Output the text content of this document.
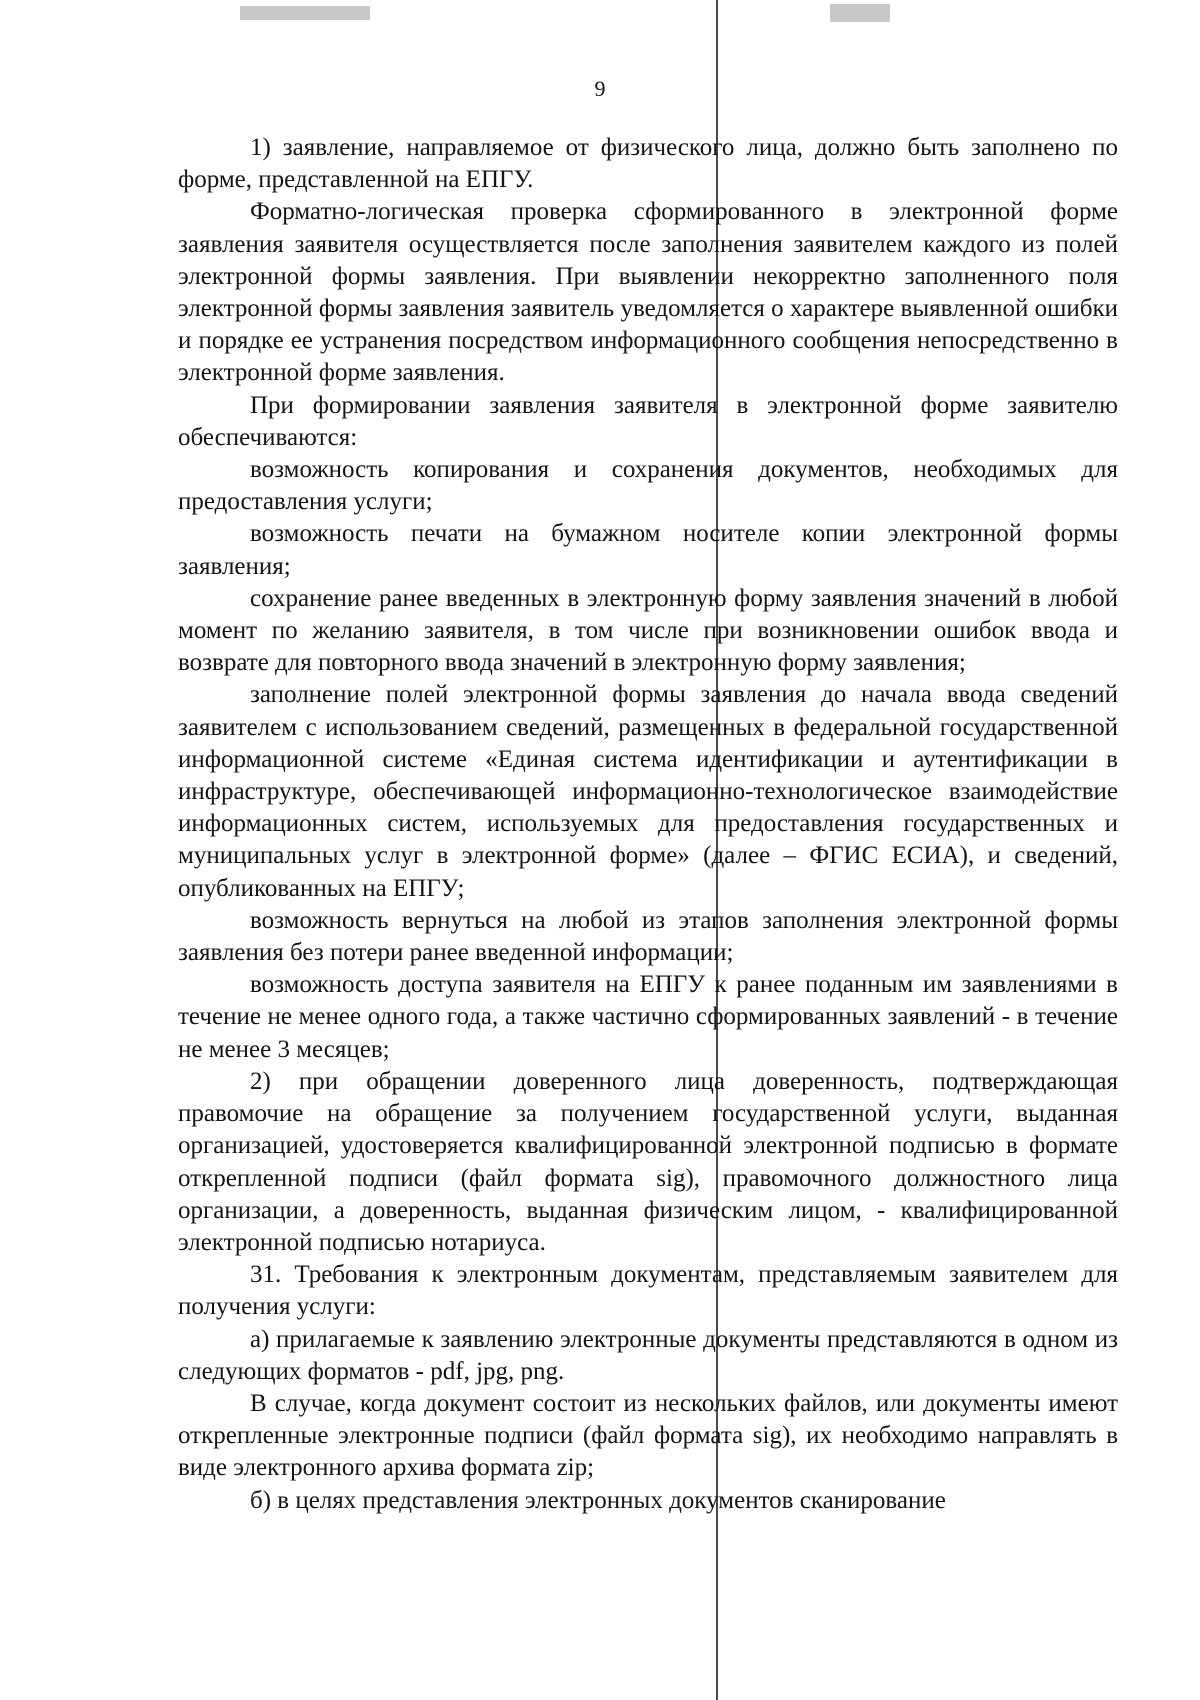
9

1) заявление, направляемое от физического лица, должно быть заполнено по форме, представленной на ЕПГУ.

Форматно-логическая проверка сформированного в электронной форме заявления заявителя осуществляется после заполнения заявителем каждого из полей электронной формы заявления. При выявлении некорректно заполненного поля электронной формы заявления заявитель уведомляется о характере выявленной ошибки и порядке ее устранения посредством информационного сообщения непосредственно в электронной форме заявления.

При формировании заявления заявителя в электронной форме заявителю обеспечиваются:

возможность копирования и сохранения документов, необходимых для предоставления услуги;

возможность печати на бумажном носителе копии электронной формы заявления;

сохранение ранее введенных в электронную форму заявления значений в любой момент по желанию заявителя, в том числе при возникновении ошибок ввода и возврате для повторного ввода значений в электронную форму заявления;

заполнение полей электронной формы заявления до начала ввода сведений заявителем с использованием сведений, размещенных в федеральной государственной информационной системе «Единая система идентификации и аутентификации в инфраструктуре, обеспечивающей информационно-технологическое взаимодействие информационных систем, используемых для предоставления государственных и муниципальных услуг в электронной форме» (далее – ФГИС ЕСИА), и сведений, опубликованных на ЕПГУ;

возможность вернуться на любой из этапов заполнения электронной формы заявления без потери ранее введенной информации;

возможность доступа заявителя на ЕПГУ к ранее поданным им заявлениями в течение не менее одного года, а также частично сформированных заявлений - в течение не менее 3 месяцев;

2) при обращении доверенного лица доверенность, подтверждающая правомочие на обращение за получением государственной услуги, выданная организацией, удостоверяется квалифицированной электронной подписью в формате открепленной подписи (файл формата sig), правомочного должностного лица организации, а доверенность, выданная физическим лицом, - квалифицированной электронной подписью нотариуса.

31. Требования к электронным документам, представляемым заявителем для получения услуги:

а) прилагаемые к заявлению электронные документы представляются в одном из следующих форматов - pdf, jpg, png.

В случае, когда документ состоит из нескольких файлов, или документы имеют открепленные электронные подписи (файл формата sig), их необходимо направлять в виде электронного архива формата zip;

б) в целях представления электронных документов сканирование
